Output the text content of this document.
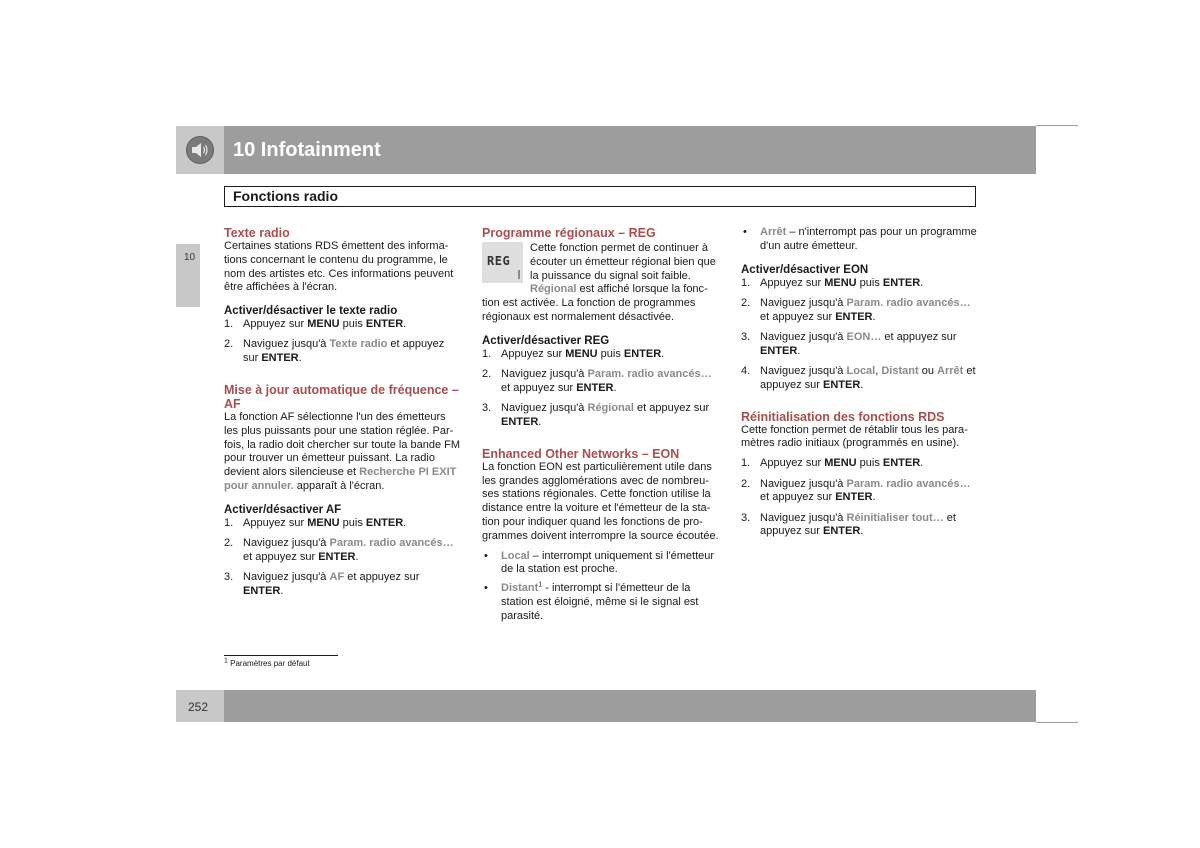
10 Infotainment
Fonctions radio
10

Texte radio

Certaines stations RDS émettent des informations concernant le contenu du programme, le nom des artistes etc. Ces informations peuvent être affichées à l'écran.

Activer/désactiver le texte radio

1. Appuyez sur MENU puis ENTER.
2. Naviguez jusqu'à Texte radio et appuyez sur ENTER.

Mise à jour automatique de fréquence – AF

La fonction AF sélectionne l'un des émetteurs les plus puissants pour une station réglée. Parfois, la radio doit chercher sur toute la bande FM pour trouver un émetteur puissant. La radio devient alors silencieuse et Recherche PI EXIT pour annuler. apparaît à l'écran.

Activer/désactiver AF

1. Appuyez sur MENU puis ENTER.
2. Naviguez jusqu'à Param. radio avancés… et appuyez sur ENTER.
3. Naviguez jusqu'à AF et appuyez sur ENTER.

Programme régionaux – REG

REG
Cette fonction permet de continuer à écouter un émetteur régional bien que la puissance du signal soit faible. Régional est affiché lorsque la fonction est activée. La fonction de programmes régionaux est normalement désactivée.

Activer/désactiver REG

1. Appuyez sur MENU puis ENTER.
2. Naviguez jusqu'à Param. radio avancés… et appuyez sur ENTER.
3. Naviguez jusqu'à Régional et appuyez sur ENTER.

Enhanced Other Networks – EON

La fonction EON est particulièrement utile dans les grandes agglomérations avec de nombreuses stations régionales. Cette fonction utilise la distance entre la voiture et l'émetteur de la station pour indiquer quand les fonctions de programmes doivent interrompre la source écoutée.

• Local – interrompt uniquement si l'émetteur de la station est proche.
• Distant$^1$ - interrompt si l'émetteur de la station est éloigné, même si le signal est parasité.
• Arrêt – n'interrompt pas pour un programme d'un autre émetteur.

Activer/désactiver EON

1. Appuyez sur MENU puis ENTER.
2. Naviguez jusqu'à Param. radio avancés… et appuyez sur ENTER.
3. Naviguez jusqu'à EON… et appuyez sur ENTER.
4. Naviguez jusqu'à Local, Distant ou Arrêt et appuyez sur ENTER.

Réinitialisation des fonctions RDS

Cette fonction permet de rétablir tous les paramètres radio initiaux (programmés en usine).

1. Appuyez sur MENU puis ENTER.
2. Naviguez jusqu'à Param. radio avancés… et appuyez sur ENTER.
3. Naviguez jusqu'à Réinitialiser tout… et appuyez sur ENTER.
$^1$ Paramètres par défaut
252
